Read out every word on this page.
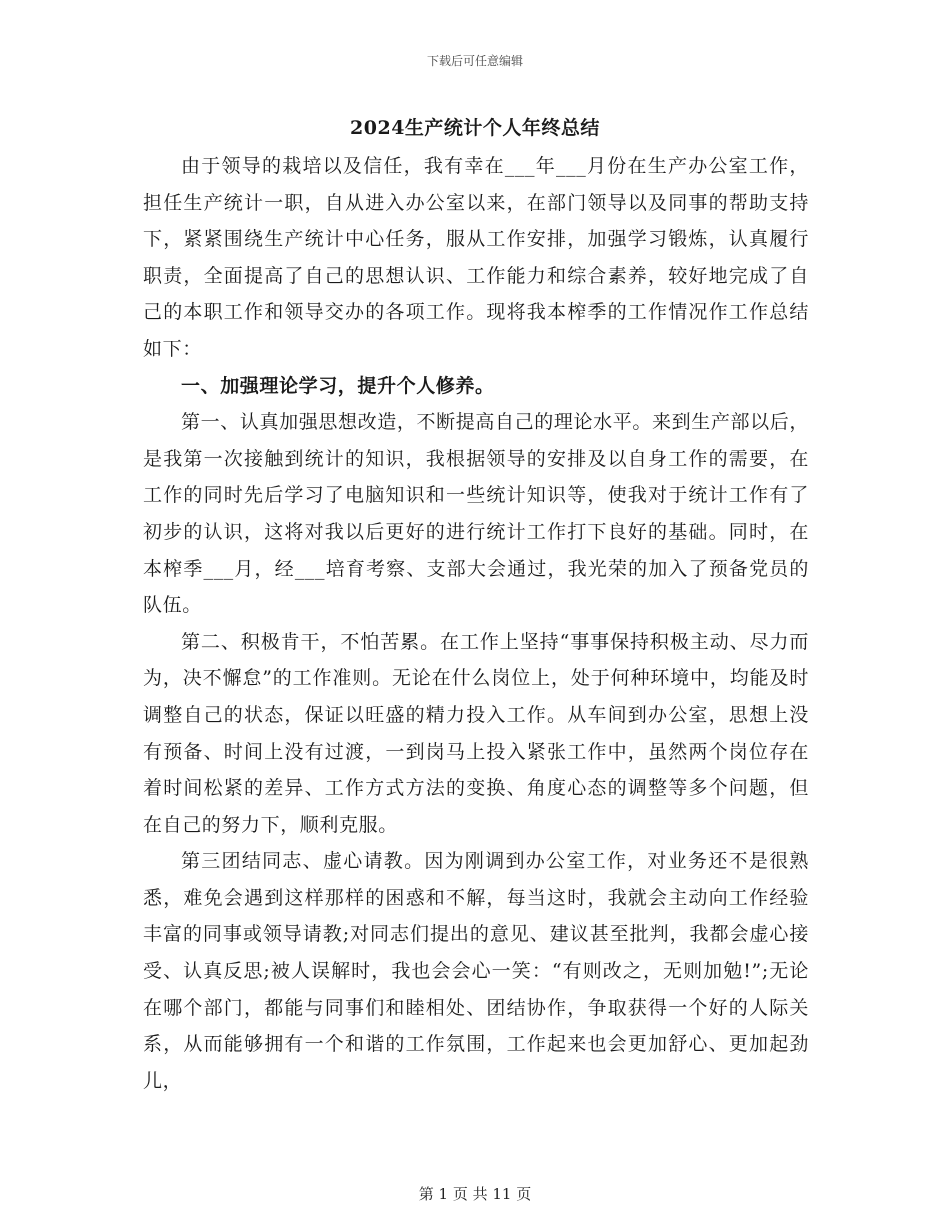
下载后可任意编辑
2024生产统计个人年终总结

由于领导的栽培以及信任，我有幸在___年___月份在生产办公室工作，担任生产统计一职，自从进入办公室以来，在部门领导以及同事的帮助支持下，紧紧围绕生产统计中心任务，服从工作安排，加强学习锻炼，认真履行职责，全面提高了自己的思想认识、工作能力和综合素养，较好地完成了自己的本职工作和领导交办的各项工作。现将我本榨季的工作情况作工作总结如下：

一、加强理论学习，提升个人修养。

第一、认真加强思想改造，不断提高自己的理论水平。来到生产部以后，是我第一次接触到统计的知识，我根据领导的安排及以自身工作的需要，在工作的同时先后学习了电脑知识和一些统计知识等，使我对于统计工作有了初步的认识，这将对我以后更好的进行统计工作打下良好的基础。同时，在本榨季___月，经___培育考察、支部大会通过，我光荣的加入了预备党员的队伍。

第二、积极肯干，不怕苦累。在工作上坚持“事事保持积极主动、尽力而为，决不懈怠”的工作准则。无论在什么岗位上，处于何种环境中，均能及时调整自己的状态，保证以旺盛的精力投入工作。从车间到办公室，思想上没有预备、时间上没有过渡，一到岗马上投入紧张工作中，虽然两个岗位存在着时间松紧的差异、工作方式方法的变换、角度心态的调整等多个问题，但在自己的努力下，顺利克服。

第三团结同志、虚心请教。因为刚调到办公室工作，对业务还不是很熟悉，难免会遇到这样那样的困惑和不解，每当这时，我就会主动向工作经验丰富的同事或领导请教;对同志们提出的意见、建议甚至批判，我都会虚心接受、认真反思;被人误解时，我也会会心一笑：“有则改之，无则加勉!”;无论在哪个部门，都能与同事们和睦相处、团结协作，争取获得一个好的人际关系，从而能够拥有一个和谐的工作氛围，工作起来也会更加舒心、更加起劲儿，

第 1 页 共 11 页
